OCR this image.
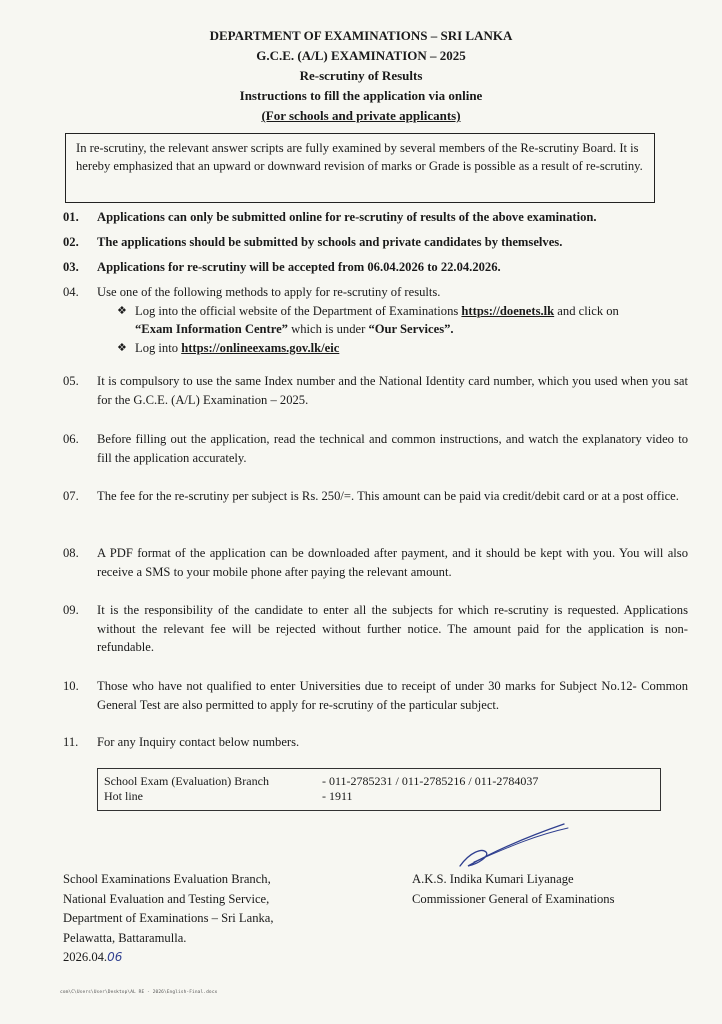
DEPARTMENT OF EXAMINATIONS – SRI LANKA
G.C.E. (A/L) EXAMINATION – 2025
Re-scrutiny of Results
Instructions to fill the application via online
(For schools and private applicants)
In re-scrutiny, the relevant answer scripts are fully examined by several members of the Re-scrutiny Board. It is hereby emphasized that an upward or downward revision of marks or Grade is possible as a result of re-scrutiny.
01.	Applications can only be submitted online for re-scrutiny of results of the above examination.
02.	The applications should be submitted by schools and private candidates by themselves.
03.	Applications for re-scrutiny will be accepted from 06.04.2026 to 22.04.2026.
04.	Use one of the following methods to apply for re-scrutiny of results.
❖ Log into the official website of the Department of Examinations https://doenets.lk and click on
“Exam Information Centre” which is under “Our Services”.
❖ Log into https://onlineexams.gov.lk/eic
05.	It is compulsory to use the same Index number and the National Identity card number, which you used when you sat for the G.C.E. (A/L) Examination – 2025.
06.	Before filling out the application, read the technical and common instructions, and watch the explanatory video to fill the application accurately.
07.	The fee for the re-scrutiny per subject is Rs. 250/=. This amount can be paid via credit/debit card or at a post office.
08.	A PDF format of the application can be downloaded after payment, and it should be kept with you. You will also receive a SMS to your mobile phone after paying the relevant amount.
09.	It is the responsibility of the candidate to enter all the subjects for which re-scrutiny is requested. Applications without the relevant fee will be rejected without further notice. The amount paid for the application is non-refundable.
10.	Those who have not qualified to enter Universities due to receipt of under 30 marks for Subject No.12- Common General Test are also permitted to apply for re-scrutiny of the particular subject.
11.	For any Inquiry contact below numbers.
School Exam (Evaluation) Branch	- 011-2785231 / 011-2785216 / 011-2784037
Hot line	- 1911
School Examinations Evaluation Branch,
National Evaluation and Testing Service,
Department of Examinations – Sri Lanka,
Pelawatta, Battaramulla.
2026.04.06
A.K.S. Indika Kumari Liyanage
Commissioner General of Examinations
com\C\Users\User\Desktop\AL RE - 2026\English-Final.docx
